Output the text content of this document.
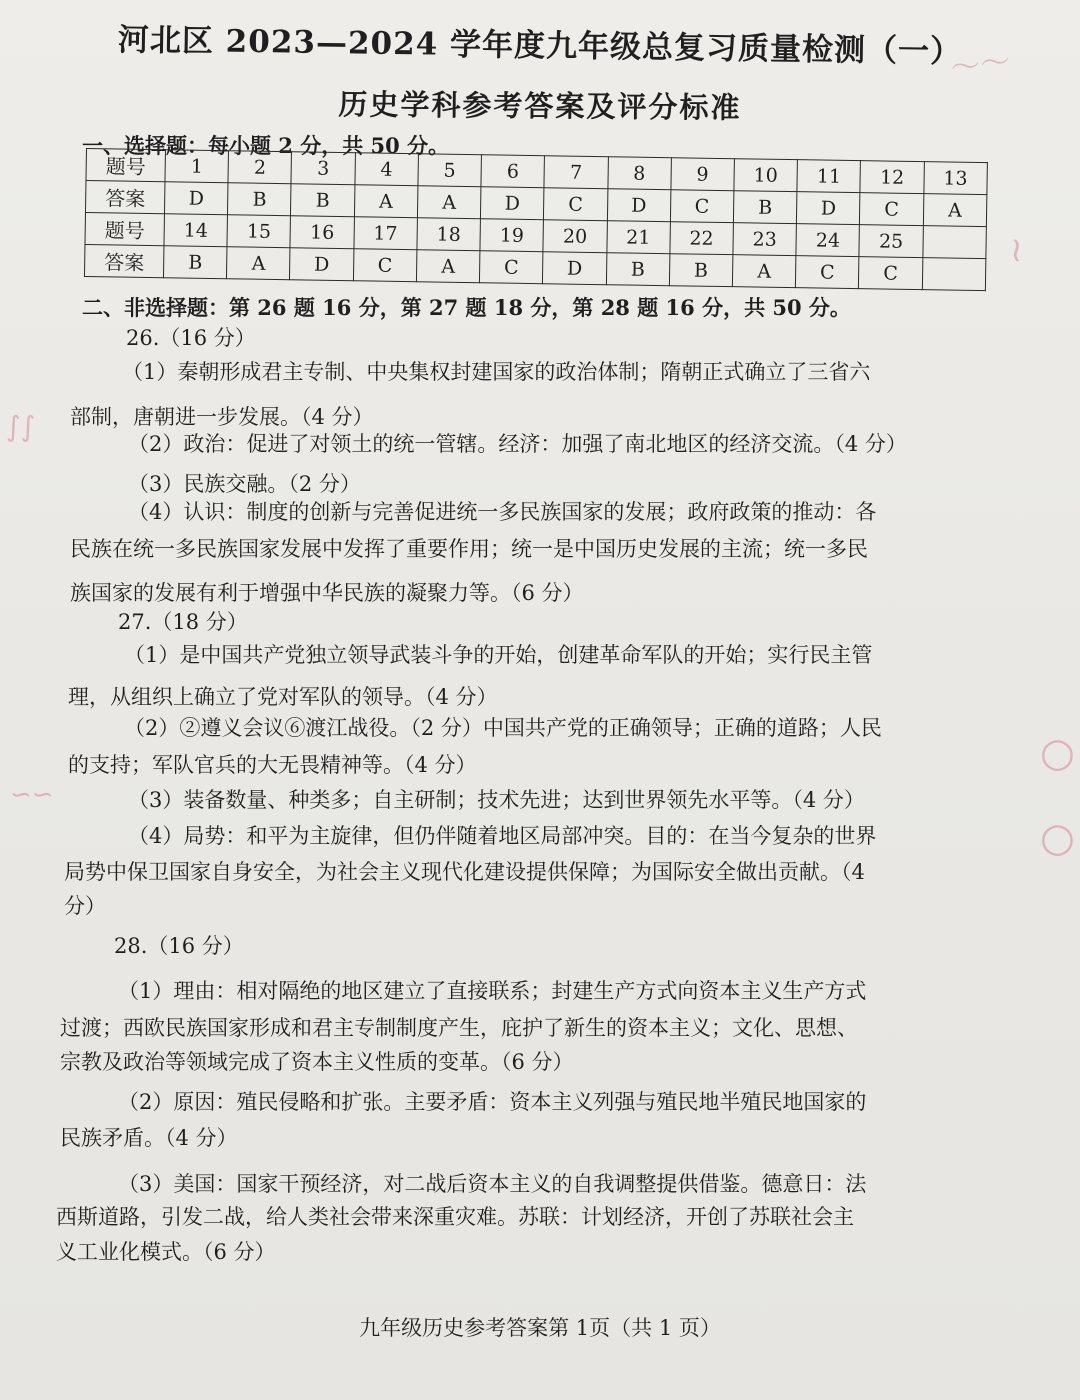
～～
≀
∫∫
○
○
∽∽
河北区 2023—2024 学年度九年级总复习质量检测（一）
历史学科参考答案及评分标准
一、选择题：每小题 2 分，共 50 分。
题号	1	2	3	4	5	6	7	8	9	10	11	12	13
答案	D	B	B	A	A	D	C	D	C	B	D	C	A
题号	14	15	16	17	18	19	20	21	22	23	24	25	
答案	B	A	D	C	A	C	D	B	B	A	C	C	
二、非选择题：第 26 题 16 分，第 27 题 18 分，第 28 题 16 分，共 50 分。
26.（16 分）
（1）秦朝形成君主专制、中央集权封建国家的政治体制；隋朝正式确立了三省六
部制，唐朝进一步发展。（4 分）
（2）政治：促进了对领土的统一管辖。经济：加强了南北地区的经济交流。（4 分）
（3）民族交融。（2 分）
（4）认识：制度的创新与完善促进统一多民族国家的发展；政府政策的推动：各
民族在统一多民族国家发展中发挥了重要作用；统一是中国历史发展的主流；统一多民
族国家的发展有利于增强中华民族的凝聚力等。（6 分）
27.（18 分）
（1）是中国共产党独立领导武装斗争的开始，创建革命军队的开始；实行民主管
理，从组织上确立了党对军队的领导。（4 分）
（2）②遵义会议⑥渡江战役。（2 分）中国共产党的正确领导；正确的道路；人民
的支持；军队官兵的大无畏精神等。（4 分）
（3）装备数量、种类多；自主研制；技术先进；达到世界领先水平等。（4 分）
（4）局势：和平为主旋律，但仍伴随着地区局部冲突。目的：在当今复杂的世界
局势中保卫国家自身安全，为社会主义现代化建设提供保障；为国际安全做出贡献。（4
分）
28.（16 分）
（1）理由：相对隔绝的地区建立了直接联系；封建生产方式向资本主义生产方式
过渡；西欧民族国家形成和君主专制制度产生，庇护了新生的资本主义；文化、思想、
宗教及政治等领域完成了资本主义性质的变革。（6 分）
（2）原因：殖民侵略和扩张。主要矛盾：资本主义列强与殖民地半殖民地国家的
民族矛盾。（4 分）
（3）美国：国家干预经济，对二战后资本主义的自我调整提供借鉴。德意日：法
西斯道路，引发二战，给人类社会带来深重灾难。苏联：计划经济，开创了苏联社会主
义工业化模式。（6 分）
九年级历史参考答案第 1页（共 1 页）
